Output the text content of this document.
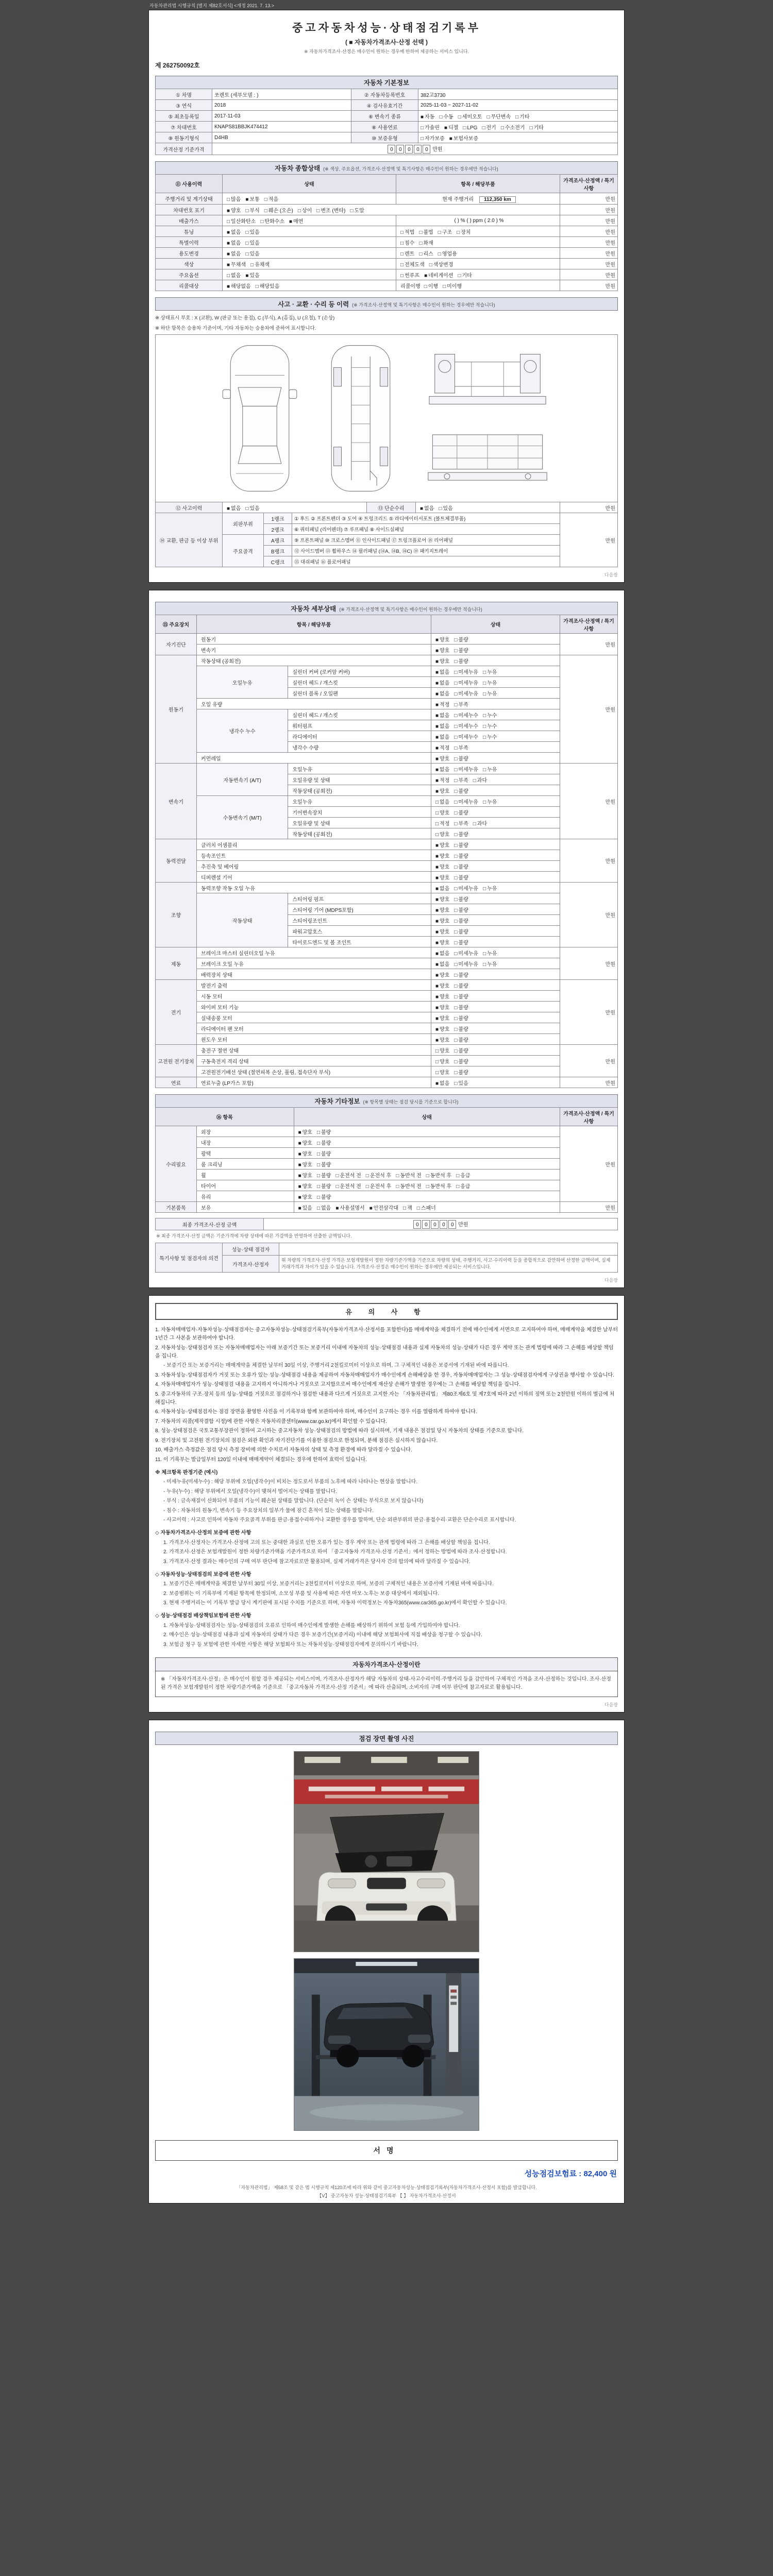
자동차관리법 시행규칙 [별지 제82호서식] <개정 2021. 7. 13.>
중고자동차성능·상태점검기록부
( ■ 자동차가격조사·산정 선택 )
※ 자동차가격조사·산정은 매수인이 원하는 경우에 한하여 제공하는 서비스 입니다.
제 262750092호
자동차 기본정보
① 차명	쏘렌토 (세부모델 : )	② 자동차등록번호	382고3730
③ 연식	2018	④ 검사유효기간	2025-11-03 ~ 2027-11-02
⑤ 최초등록일	2017-11-03	⑥ 변속기 종류	■ 자동 □ 수동 □ 세미오토 □ 무단변속 □ 기타
⑦ 차대번호	KNAPS81BBJK474412	⑧ 사용연료	□ 가솔린 ■ 디젤 □ LPG □ 전기 □ 수소전기 □ 기타
⑨ 원동기형식	D4HB	⑩ 보증유형	□ 자가보증 ■ 보험사보증
가격산정 기준가격	0 0 0 0 0 만원		
자동차 종합상태 (※ 색상, 주요옵션, 가격조사·산정액 및 특기사항은 매수인이 원하는 경우에만 적습니다)
⑪ 사용이력	상태	항목 / 해당부품	가격조사·산정액 / 특기사항
주행거리 및 계기상태	□ 많음 ■ 보통 □ 적음	현재 주행거리 112,350 km	만원
차대번호 표기	■ 양호 □ 부식 □ 훼손 (오손) □ 상이 □ 변조 (변타) □ 도말		만원
배출가스	□ 일산화탄소 □ 탄화수소 ■ 매연	( ) % ( ) ppm ( 2.0 ) %	만원
튜닝	■ 없음 □ 있음	□ 적법 □ 불법 □ 구조 □ 장치	만원
특별이력	■ 없음 □ 있음	□ 침수 □ 화재	만원
용도변경	■ 없음 □ 있음	□ 렌트 □ 리스 □ 영업용	만원
색상	■ 무채색 □ 유채색	□ 전체도색 □ 색상변경	만원
주요옵션	□ 없음 ■ 있음	□ 썬루프 ■ 네비게이션 □ 기타	만원
리콜대상	■ 해당없음 □ 해당있음	리콜이행 □ 이행 □ 미이행	만원
사고 · 교환 · 수리 등 이력 (※ 가격조사·산정액 및 특기사항은 매수인이 원하는 경우에만 적습니다)
※ 상태표시 부호 : X (교환), W (판금 또는 용접), C (부식), A (흠집), U (요철), T (손상)
※ 하단 항목은 승용차 기준이며, 기타 자동차는 승용차에 준하여 표시합니다.
⑫ 사고이력	■ 없음 □ 있음	⑬ 단순수리	■ 없음 □ 있음	만원
⑭ 교환, 판금 등 이상 부위	외판부위	1랭크	① 후드 ② 프론트펜더 ③ 도어 ④ 트렁크리드 ⑤ 라디에이터서포트 (볼트체결부품)	만원
		2랭크	⑥ 쿼터패널 (리어펜더) ⑦ 루프패널 ⑧ 사이드실패널	
	주요골격	A랭크	⑨ 프론트패널 ⑩ 크로스멤버 ⑪ 인사이드패널 ⑰ 트렁크플로어 ⑱ 리어패널	
		B랭크	⑫ 사이드멤버 ⑬ 휠하우스 ⑭ 필러패널 (⑭A, ⑭B, ⑭C) ⑲ 패키지트레이	
		C랭크	⑮ 대쉬패널 ⑯ 플로어패널	
다음장
자동차 세부상태 (※ 가격조사·산정액 및 특기사항은 매수인이 원하는 경우에만 적습니다)
⑮ 주요장치	항목 / 해당부품		상태	가격조사·산정액 / 특기사항
자기진단	원동기		■ 양호 □ 불량	만원
	변속기		■ 양호 □ 불량	
원동기	작동상태 (공회전)		■ 양호 □ 불량	만원
	오일누유	실린더 커버 (로커암 커버)	■ 없음 □ 미세누유 □ 누유	
		실린더 헤드 / 개스킷	■ 없음 □ 미세누유 □ 누유	
		실린더 블록 / 오일팬	■ 없음 □ 미세누유 □ 누유	
	오일 유량		■ 적정 □ 부족	
	냉각수 누수	실린더 헤드 / 개스킷	■ 없음 □ 미세누수 □ 누수	
		워터펌프	■ 없음 □ 미세누수 □ 누수	
		라디에이터	■ 없음 □ 미세누수 □ 누수	
		냉각수 수량	■ 적정 □ 부족	
	커먼레일		■ 양호 □ 불량	
변속기	자동변속기 (A/T)	오일누유	■ 없음 □ 미세누유 □ 누유	만원
		오일유량 및 상태	■ 적정 □ 부족 □ 과다	
		작동상태 (공회전)	■ 양호 □ 불량	
	수동변속기 (M/T)	오일누유	□ 없음 □ 미세누유 □ 누유	
		기어변속장치	□ 양호 □ 불량	
		오일유량 및 상태	□ 적정 □ 부족 □ 과다	
		작동상태 (공회전)	□ 양호 □ 불량	
동력전달	클러치 어셈블리		■ 양호 □ 불량	만원
	등속조인트		■ 양호 □ 불량	
	추진축 및 베어링		■ 양호 □ 불량	
	디퍼렌셜 기어		■ 양호 □ 불량	
조향	동력조향 작동 오일 누유		■ 없음 □ 미세누유 □ 누유	만원
	작동상태	스티어링 펌프	■ 양호 □ 불량	
		스티어링 기어 (MDPS포함)	■ 양호 □ 불량	
		스티어링조인트	■ 양호 □ 불량	
		파워고압호스	■ 양호 □ 불량	
		타이로드엔드 및 볼 조인트	■ 양호 □ 불량	
제동	브레이크 마스터 실린더오일 누유		■ 없음 □ 미세누유 □ 누유	만원
	브레이크 오일 누유		■ 없음 □ 미세누유 □ 누유	
	배력장치 상태		■ 양호 □ 불량	
전기	발전기 출력		■ 양호 □ 불량	만원
	시동 모터		■ 양호 □ 불량	
	와이퍼 모터 기능		■ 양호 □ 불량	
	실내송풍 모터		■ 양호 □ 불량	
	라디에이터 팬 모터		■ 양호 □ 불량	
	윈도우 모터		■ 양호 □ 불량	
고전원 전기장치	충전구 절연 상태		□ 양호 □ 불량	만원
	구동축전지 격리 상태		□ 양호 □ 불량	
	고전원전기배선 상태 (절연피복 손상, 풀림, 접속단자 부식)		□ 양호 □ 불량	
연료	연료누출 (LP가스 포함)		■ 없음 □ 있음	만원
자동차 기타정보 (※ 항목별 상태는 점검 당시를 기준으로 합니다)
⑯ 항목		상태	가격조사·산정액 / 특기사항
수리필요	외장	■ 양호 □ 불량	만원
	내장	■ 양호 □ 불량	
	광택	■ 양호 □ 불량	
	룸 크리닝	■ 양호 □ 불량	
	휠	■ 양호 □ 불량 □ 운전석 전 □ 운전석 후 □ 동반석 전 □ 동반석 후 □ 응급	
	타이어	■ 양호 □ 불량 □ 운전석 전 □ 운전석 후 □ 동반석 전 □ 동반석 후 □ 응급	
	유리	■ 양호 □ 불량	
기본품목	보유	■ 있음 □ 없음 ■ 사용설명서 ■ 안전삼각대 □ 잭 □ 스패너	만원
최종 가격조사·산정 금액	0 0 0 0 0 만원
※ 최종 가격조사·산정 금액은 기준가격에 차량 상태에 따른 가감액을 반영하여 산출한 금액입니다.
특기사항 및 점검자의 의견	성능·상태 점검자	
	가격조사·산정자	위 차량의 가격조사·산정 가격은 보험개발원이 정한 차량기준가액을 기준으로 차량의 상태, 주행거리, 사고·수리이력 등을 종합적으로 감안하여 산정한 금액이며, 실제 거래가격과 차이가 있을 수 있습니다. 가격조사·산정은 매수인이 원하는 경우에만 제공되는 서비스입니다.
다음장
유 의 사 항
1. 자동차매매업자·자동차성능·상태점검자는 중고자동차성능·상태점검기록부(자동차가격조사·산정서를 포함한다)를 매매계약을 체결하기 전에 매수인에게 서면으로 고지하여야 하며, 매매계약을 체결한 날부터 1년간 그 사본을 보관하여야 합니다.
2. 자동차성능·상태점검자 또는 자동차매매업자는 아래 보증기간 또는 보증거리 이내에 자동차의 성능·상태점검 내용과 실제 자동차의 성능·상태가 다른 경우 계약 또는 관계 법령에 따라 그 손해를 배상할 책임을 집니다.
- 보증기간 또는 보증거리는 매매계약을 체결한 날부터 30일 이상, 주행거리 2천킬로미터 이상으로 하며, 그 구체적인 내용은 보증서에 기재된 바에 따릅니다.
3. 자동차성능·상태점검자가 거짓 또는 오류가 있는 성능·상태점검 내용을 제공하여 자동차매매업자가 매수인에게 손해배상을 한 경우, 자동차매매업자는 그 성능·상태점검자에게 구상권을 행사할 수 있습니다.
4. 자동차매매업자가 성능·상태점검 내용을 고지하지 아니하거나 거짓으로 고지함으로써 매수인에게 재산상 손해가 발생한 경우에는 그 손해를 배상할 책임을 집니다.
5. 중고자동차의 구조·장치 등의 성능·상태를 거짓으로 점검하거나 점검한 내용과 다르게 거짓으로 고지한 자는 「자동차관리법」 제80조제6호 및 제7호에 따라 2년 이하의 징역 또는 2천만원 이하의 벌금에 처해집니다.
6. 자동차성능·상태점검자는 점검 장면을 촬영한 사진을 이 기록부와 함께 보관하여야 하며, 매수인이 요구하는 경우 이를 열람하게 하여야 합니다.
7. 자동차의 리콜(제작결함 시정)에 관한 사항은 자동차리콜센터(www.car.go.kr)에서 확인할 수 있습니다.
8. 성능·상태점검은 국토교통부장관이 정하여 고시하는 중고자동차 성능·상태점검의 방법에 따라 실시하며, 기재 내용은 점검일 당시 자동차의 상태를 기준으로 합니다.
9. 전기장치 및 고전원 전기장치의 점검은 외관 확인과 자기진단기를 이용한 점검으로 한정되며, 분해 점검은 실시하지 않습니다.
10. 배출가스 측정값은 점검 당시 측정 장비에 의한 수치로서 자동차의 상태 및 측정 환경에 따라 달라질 수 있습니다.
11. 이 기록부는 발급일부터 120일 이내에 매매계약이 체결되는 경우에 한하여 효력이 있습니다.
※ 체크항목 판정기준 (예시)
- 미세누유(미세누수) : 해당 부위에 오일(냉각수)이 비치는 정도로서 부품의 노후에 따라 나타나는 현상을 말합니다.
- 누유(누수) : 해당 부위에서 오일(냉각수)이 맺혀서 떨어지는 상태를 말합니다.
- 부식 : 금속재질이 산화되어 부품의 기능이 훼손된 상태를 말합니다. (단순히 녹이 슨 상태는 부식으로 보지 않습니다)
- 침수 : 자동차의 원동기, 변속기 등 주요장치의 일부가 물에 잠긴 흔적이 있는 상태를 말합니다.
- 사고이력 : 사고로 인하여 자동차 주요골격 부위를 판금·용접수리하거나 교환한 경우를 말하며, 단순 외판부위의 판금·용접수리·교환은 단순수리로 표시합니다.
◇ 자동차가격조사·산정의 보증에 관한 사항
1. 가격조사·산정자는 가격조사·산정에 고의 또는 중대한 과실로 인한 오류가 있는 경우 계약 또는 관계 법령에 따라 그 손해를 배상할 책임을 집니다.
2. 가격조사·산정은 보험개발원이 정한 차량기준가액을 기준가격으로 하여 「중고자동차 가격조사·산정 기준서」에서 정하는 방법에 따라 조사·산정합니다.
3. 가격조사·산정 결과는 매수인의 구매 여부 판단에 참고자료로만 활용되며, 실제 거래가격은 당사자 간의 합의에 따라 달라질 수 있습니다.
◇ 자동차성능·상태점검의 보증에 관한 사항
1. 보증기간은 매매계약을 체결한 날부터 30일 이상, 보증거리는 2천킬로미터 이상으로 하며, 보증의 구체적인 내용은 보증서에 기재된 바에 따릅니다.
2. 보증범위는 이 기록부에 기재된 항목에 한정되며, 소모성 부품 및 사용에 따른 자연 마모·노후는 보증 대상에서 제외됩니다.
3. 현재 주행거리는 이 기록부 발급 당시 계기판에 표시된 수치를 기준으로 하며, 자동차 이력정보는 자동차365(www.car365.go.kr)에서 확인할 수 있습니다.
◇ 성능·상태점검 배상책임보험에 관한 사항
1. 자동차성능·상태점검자는 성능·상태점검의 오류로 인하여 매수인에게 발생한 손해를 배상하기 위하여 보험 등에 가입하여야 합니다.
2. 매수인은 성능·상태점검 내용과 실제 자동차의 상태가 다른 경우 보증기간(보증거리) 이내에 해당 보험회사에 직접 배상을 청구할 수 있습니다.
3. 보험금 청구 등 보험에 관한 자세한 사항은 해당 보험회사 또는 자동차성능·상태점검자에게 문의하시기 바랍니다.
자동차가격조사·산정이란
※ 「자동차가격조사·산정」은 매수인이 원할 경우 제공되는 서비스이며, 가격조사·산정자가 해당 자동차의 상태·사고수리이력·주행거리 등을 감안하여 구체적인 가격을 조사·산정하는 것입니다. 조사·산정된 가격은 보험개발원이 정한 차량기준가액을 기준으로 「중고자동차 가격조사·산정 기준서」에 따라 산출되며, 소비자의 구매 여부 판단에 참고자료로 활용됩니다.
다음장
점검 장면 촬영 사진
서명
성능점검보험료 : 82,400 원
「자동차관리법」 제58조 및 같은 법 시행규칙 제120조에 따라 위와 같이 중고자동차성능·상태점검기록부(자동차가격조사·산정서 포함)를 발급합니다.
【Ⅴ】 중고자동차 성능·상태점검기록부 【 】 자동차가격조사·산정서
